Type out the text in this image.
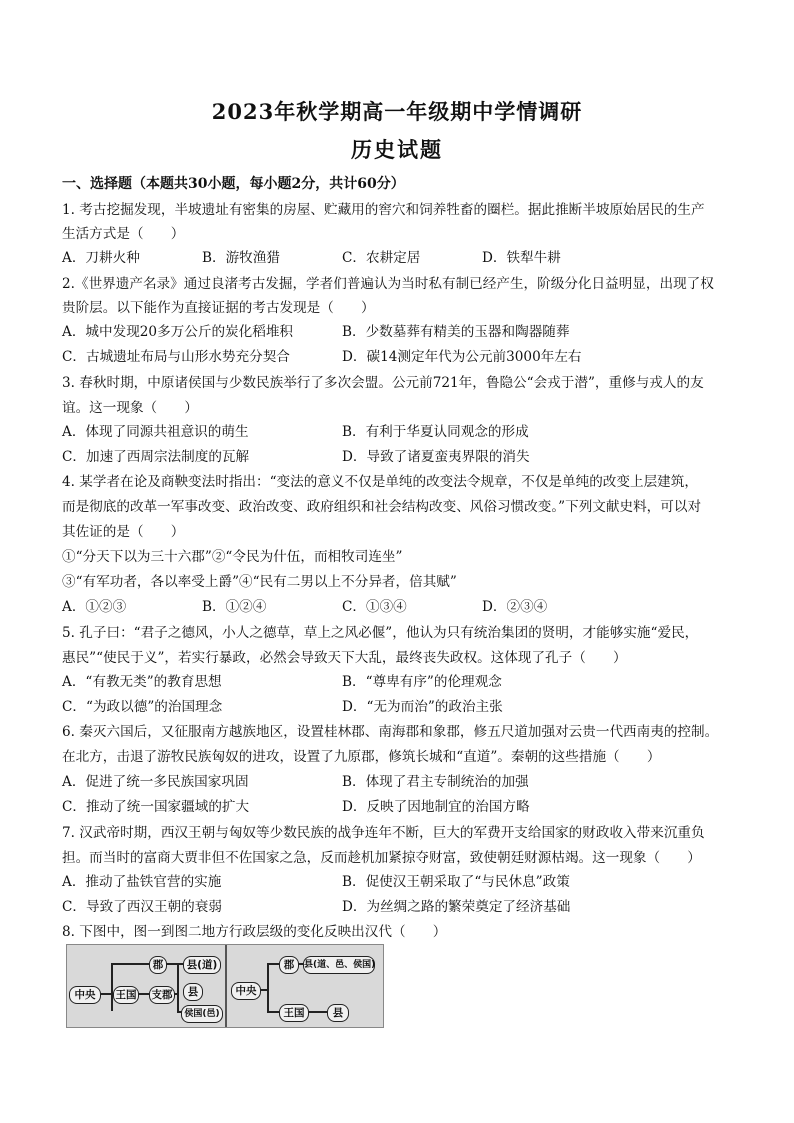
2023年秋学期高一年级期中学情调研
历史试题
一、选择题（本题共30小题，每小题2分，共计60分）
1. 考古挖掘发现，半坡遗址有密集的房屋、贮藏用的窖穴和饲养牲畜的圈栏。据此推断半坡原始居民的生产
生活方式是（　　）
A．刀耕火种	B．游牧渔猎	C．农耕定居	D．铁犁牛耕
2.《世界遗产名录》通过良渚考古发掘，学者们普遍认为当时私有制已经产生，阶级分化日益明显，出现了权
贵阶层。以下能作为直接证据的考古发现是（　　）
A．城中发现20多万公斤的炭化稻堆积	B．少数墓葬有精美的玉器和陶器随葬
C．古城遗址布局与山形水势充分契合	D．碳14测定年代为公元前3000年左右
3. 春秋时期，中原诸侯国与少数民族举行了多次会盟。公元前721年，鲁隐公“会戎于潜”，重修与戎人的友
谊。这一现象（　　）
A．体现了同源共祖意识的萌生	B．有利于华夏认同观念的形成
C．加速了西周宗法制度的瓦解	D．导致了诸夏蛮夷界限的消失
4. 某学者在论及商鞅变法时指出：“变法的意义不仅是单纯的改变法令规章，不仅是单纯的改变上层建筑，
而是彻底的改革一军事改变、政治改变、政府组织和社会结构改变、风俗习惯改变。”下列文献史料，可以对
其佐证的是（　　）
①“分天下以为三十六郡”②“令民为什伍，而相牧司连坐”
③“有军功者，各以率受上爵”④“民有二男以上不分异者，倍其赋”
A．①②③	B．①②④	C．①③④	D．②③④
5. 孔子曰：“君子之德风，小人之德草，草上之风必偃”，他认为只有统治集团的贤明，才能够实施“爱民，
惠民”“使民于义”，若实行暴政，必然会导致天下大乱，最终丧失政权。这体现了孔子（　　）
A．“有教无类”的教育思想	B．“尊卑有序”的伦理观念
C．“为政以德”的治国理念	D．“无为而治”的政治主张
6. 秦灭六国后，又征服南方越族地区，设置桂林郡、南海郡和象郡，修五尺道加强对云贵一代西南夷的控制。
在北方，击退了游牧民族匈奴的进攻，设置了九原郡，修筑长城和“直道”。秦朝的这些措施（　　）
A．促进了统一多民族国家巩固	B．体现了君主专制统治的加强
C．推动了统一国家疆域的扩大	D．反映了因地制宜的治国方略
7. 汉武帝时期，西汉王朝与匈奴等少数民族的战争连年不断，巨大的军费开支给国家的财政收入带来沉重负
担。而当时的富商大贾非但不佐国家之急，反而趁机加紧掠夺财富，致使朝廷财源枯竭。这一现象（　　）
A．推动了盐铁官营的实施	B．促使汉王朝采取了“与民休息”政策
C．导致了西汉王朝的衰弱	D．为丝绸之路的繁荣奠定了经济基础
8. 下图中，图一到图二地方行政层级的变化反映出汉代（　　）
中央	王国
郡	县(道)
支郡	县
侯国(邑)
中央
郡	县(道、邑、侯国)
王国	县
